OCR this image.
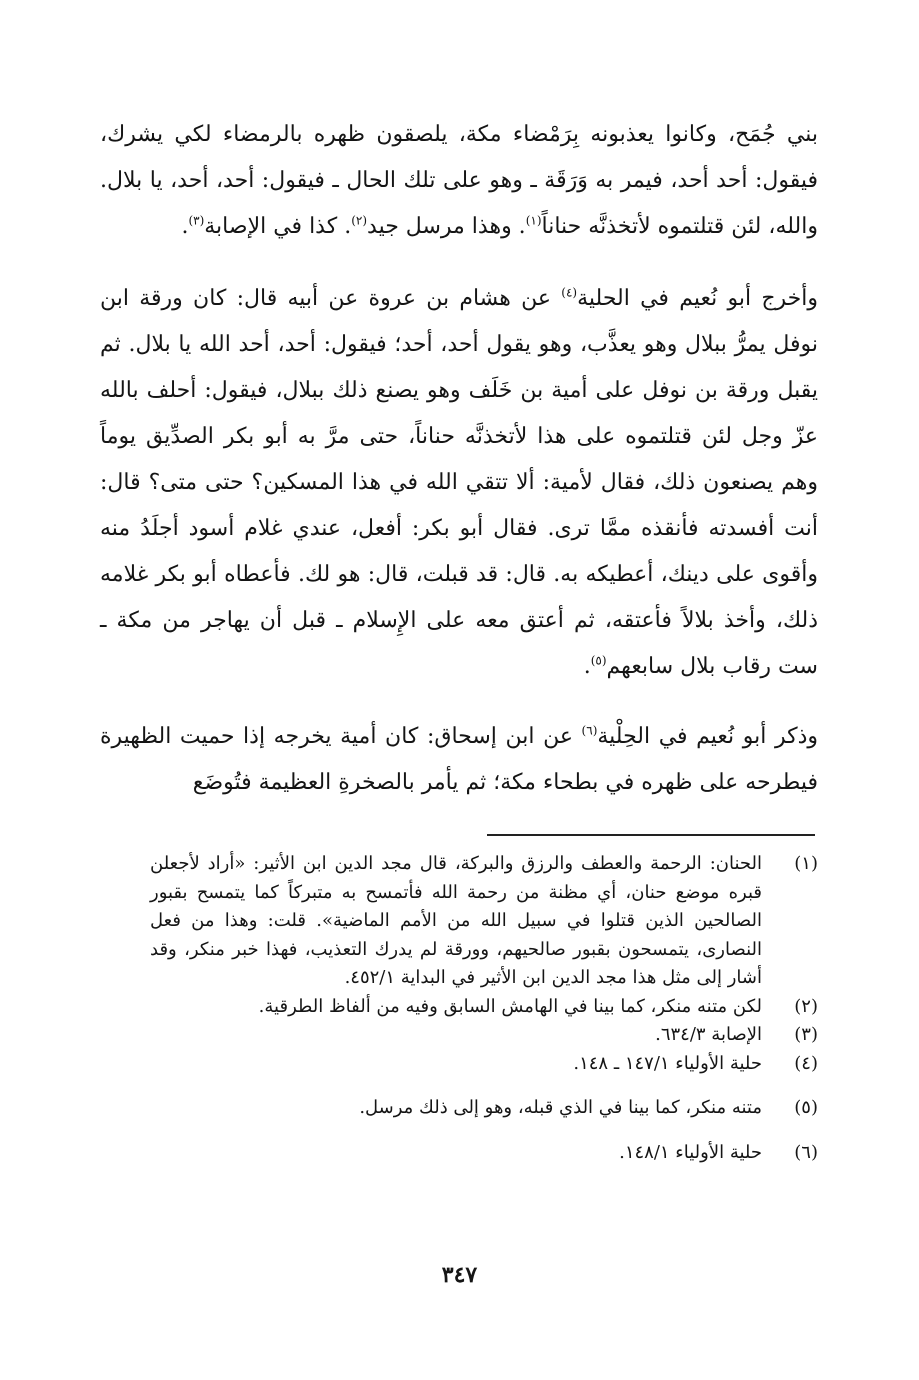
بني جُمَح، وكانوا يعذبونه بِرَمْضاء مكة، يلصقون ظهره بالرمضاء لكي يشرك، فيقول: أحد أحد، فيمر به وَرَقَة ـ وهو على تلك الحال ـ فيقول: أحد، أحد، يا بلال. والله، لئن قتلتموه لأتخذنَّه حناناً$^{(١)}$. وهذا مرسل جيد$^{(٢)}$. كذا في الإصابة$^{(٣)}$.

وأخرج أبو نُعيم في الحلية$^{(٤)}$ عن هشام بن عروة عن أبيه قال: كان ورقة ابن نوفل يمرُّ ببلال وهو يعذَّب، وهو يقول أحد، أحد؛ فيقول: أحد، أحد الله يا بلال. ثم يقبل ورقة بن نوفل على أمية بن خَلَف وهو يصنع ذلك ببلال، فيقول: أحلف بالله عزّ وجل لئن قتلتموه على هذا لأتخذنَّه حناناً، حتى مرَّ به أبو بكر الصدِّيق يوماً وهم يصنعون ذلك، فقال لأمية: ألا تتقي الله في هذا المسكين؟ حتى متى؟ قال: أنت أفسدته فأنقذه ممَّا ترى. فقال أبو بكر: أفعل، عندي غلام أسود أجلَدُ منه وأقوى على دينك، أعطيكه به. قال: قد قبلت، قال: هو لك. فأعطاه أبو بكر غلامه ذلك، وأخذ بلالاً فأعتقه، ثم أعتق معه على الإِسلام ـ قبل أن يهاجر من مكة ـ ست رقاب بلال سابعهم$^{(٥)}$.

وذكر أبو نُعيم في الحِلْية$^{(٦)}$ عن ابن إسحاق: كان أمية يخرجه إذا حميت الظهيرة فيطرحه على ظهره في بطحاء مكة؛ ثم يأمر بالصخرةِ العظيمة فتُوضَع

(١)
الحنان: الرحمة والعطف والرزق والبركة، قال مجد الدين ابن الأثير: «أراد لأجعلن قبره موضع حنان، أي مظنة من رحمة الله فأتمسح به متبركاً كما يتمسح بقبور الصالحين الذين قتلوا في سبيل الله من الأمم الماضية». قلت: وهذا من فعل النصارى، يتمسحون بقبور صالحيهم، وورقة لم يدرك التعذيب، فهذا خبر منكر، وقد أشار إلى مثل هذا مجد الدين ابن الأثير في البداية ٤٥٢/١.
(٢)
لكن متنه منكر، كما بينا في الهامش السابق وفيه من ألفاظ الطرقية.
(٣)
الإصابة ٦٣٤/٣.
(٤)
حلية الأولياء ١٤٧/١ ـ ١٤٨.
(٥)
متنه منكر، كما بينا في الذي قبله، وهو إلى ذلك مرسل.
(٦)
حلية الأولياء ١٤٨/١.
٣٤٧
